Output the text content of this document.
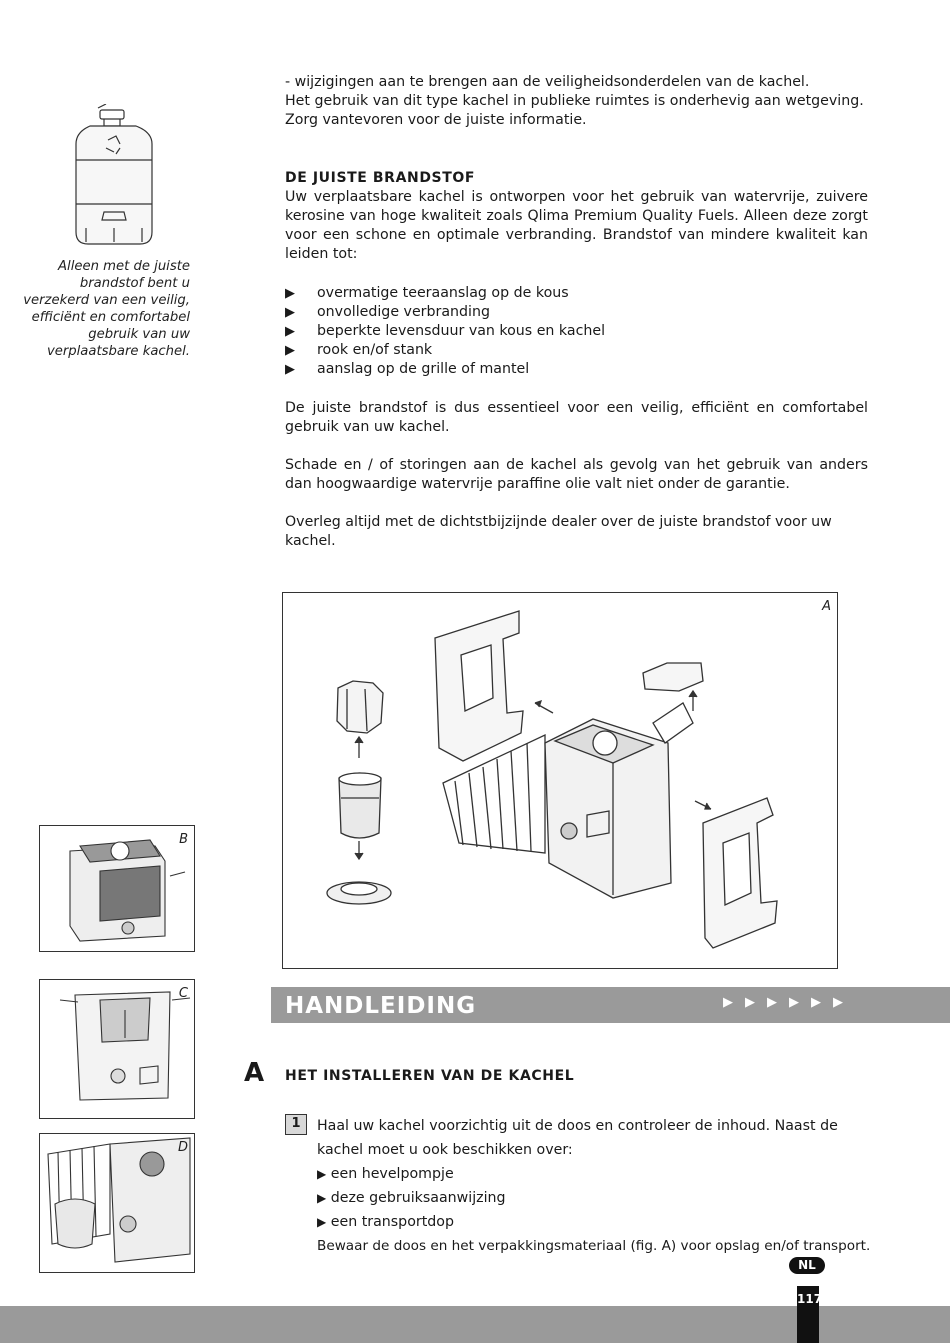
- wijzigingen aan te brengen aan de veiligheidsonderdelen van de kachel.

Het gebruik van dit type kachel in publieke ruimtes is onderhevig aan wetgeving.

Zorg vantevoren voor de juiste informatie.

Alleen met de juiste

brandstof bent u

verzekerd van een veilig,

efficiënt en comfortabel

gebruik van uw

verplaatsbare kachel.

DE JUISTE BRANDSTOF

Uw verplaatsbare kachel is ontworpen voor het gebruik van watervrije, zuivere kerosine van hoge kwaliteit zoals Qlima Premium Quality Fuels. Alleen deze zorgt voor een schone en optimale verbranding. Brandstof van mindere kwaliteit kan leiden tot:

▶ overmatige teeraanslag op de kous
▶ onvolledige verbranding
▶ beperkte levensduur van kous en kachel
▶ rook en/of stank
▶ aanslag op de grille of mantel
De juiste brandstof is dus essentieel voor een veilig, efficiënt en comfortabel gebruik van uw kachel.
Schade en / of storingen aan de kachel als gevolg van het gebruik van anders dan hoogwaardige watervrije paraffine olie valt niet onder de garantie.
Overleg altijd met de dichtstbijzijnde dealer over de juiste brandstof voor uw kachel.
A
B
C
D
HANDLEIDING	▶▶▶▶▶▶
A HET INSTALLEREN VAN DE KACHEL
1	Haal uw kachel voorzichtig uit de doos en controleer de inhoud. Naast de

kachel moet u ook beschikken over:

▶ een hevelpompje

▶ deze gebruiksaanwijzing

▶ een transportdop

Bewaar de doos en het verpakkingsmateriaal (fig. A) voor opslag en/of transport.

NL
117
